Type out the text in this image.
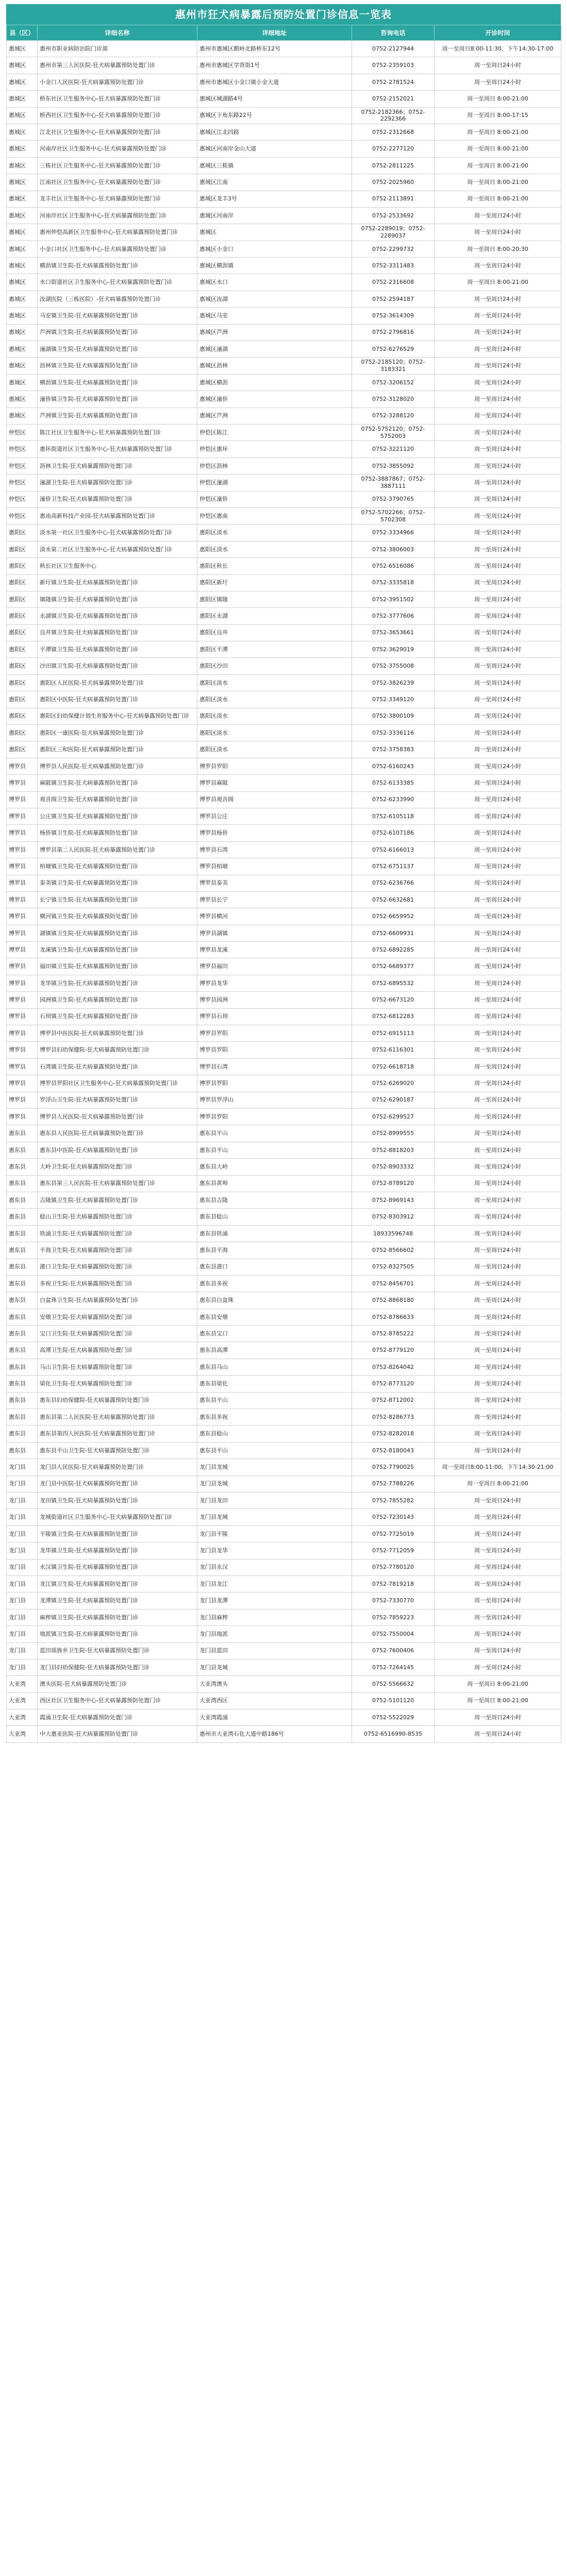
惠州市狂犬病暴露后预防处置门诊信息一览表
县（区）	详细名称	详细地址	咨询电话	开诊时间
惠城区	惠州市职业病防治院门诊部	惠州市惠城区鹅岭北路桥东12号	0752-2127944	周一至周日8:00-11:30，下午14:30-17:00
惠城区	惠州市第三人民医院-狂犬病暴露预防处置门诊	惠州市惠城区学背街1号	0752-2359103	周一至周日24小时
惠城区	小金口人民医院-狂犬病暴露预防处置门诊	惠州市惠城区小金口镇小金大道	0752-2781524	周一至周日24小时
惠城区	桥东社区卫生服务中心-狂犬病暴露预防处置门诊	惠城区城湖路4号	0752-2152021	周一至周日 8:00-21:00
惠城区	桥西社区卫生服务中心-狂犬病暴露预防处置门诊	惠城区下角东路22号	0752-2182366；0752-2292366	周一至周日 8:00-17:15
惠城区	江北社区卫生服务中心-狂犬病暴露预防处置门诊	惠城区江北四路	0752-2312668	周一至周日 8:00-21:00
惠城区	河南岸社区卫生服务中心-狂犬病暴露预防处置门诊	惠城区河南岸金山大道	0752-2277120	周一至周日 8:00-21:00
惠城区	三栋社区卫生服务中心-狂犬病暴露预防处置门诊	惠城区三栋镇	0752-2811225	周一至周日 8:00-21:00
惠城区	江南社区卫生服务中心-狂犬病暴露预防处置门诊	惠城区江南	0752-2025960	周一至周日 8:00-21:00
惠城区	龙丰社区卫生服务中心-狂犬病暴露预防处置门诊	惠城区龙丰3号	0752-2113891	周一至周日 8:00-21:00
惠城区	河南岸社区卫生服务中心-狂犬病暴露预防处置门诊	惠城区河南岸	0752-2533692	周一至周日24小时
惠城区	惠州仲恺高新区卫生服务中心-狂犬病暴露预防处置门诊	惠城区	0752-2289019；0752-2289037	周一至周日24小时
惠城区	小金口社区卫生服务中心-狂犬病暴露预防处置门诊	惠城区小金口	0752-2299732	周一至周日 8:00-20:30
惠城区	横沥镇卫生院-狂犬病暴露预防处置门诊	惠城区横沥镇	0752-3311483	周一至周日24小时
惠城区	水口街道社区卫生服务中心-狂犬病暴露预防处置门诊	惠城区水口	0752-2316608	周一至周日 8:00-21:00
惠城区	汝湖医院（三栋医院）-狂犬病暴露预防处置门诊	惠城区汝湖	0752-2594187	周一至周日24小时
惠城区	马安镇卫生院-狂犬病暴露预防处置门诊	惠城区马安	0752-3614309	周一至周日24小时
惠城区	芦洲镇卫生院-狂犬病暴露预防处置门诊	惠城区芦洲	0752-2796816	周一至周日24小时
惠城区	潼湖镇卫生院-狂犬病暴露预防处置门诊	惠城区潼湖	0752-6276529	周一至周日24小时
惠城区	沥林镇卫生院-狂犬病暴露预防处置门诊	惠城区沥林	0752-2185120；0752-3183321	周一至周日24小时
惠城区	横沥镇卫生院-狂犬病暴露预防处置门诊	惠城区横沥	0752-3206152	周一至周日24小时
惠城区	潼侨镇卫生院-狂犬病暴露预防处置门诊	惠城区潼侨	0752-3128020	周一至周日24小时
惠城区	芦洲镇卫生院-狂犬病暴露预防处置门诊	惠城区芦洲	0752-3288120	周一至周日24小时
仲恺区	陈江社区卫生服务中心-狂犬病暴露预防处置门诊	仲恺区陈江	0752-5752120；0752-5752003	周一至周日24小时
仲恺区	惠环街道社区卫生服务中心-狂犬病暴露预防处置门诊	仲恺区惠环	0752-3221120	周一至周日24小时
仲恺区	沥林卫生院-狂犬病暴露预防处置门诊	仲恺区沥林	0752-3855092	周一至周日24小时
仲恺区	潼湖卫生院-狂犬病暴露预防处置门诊	仲恺区潼湖	0752-3887867；0752-3887111	周一至周日24小时
仲恺区	潼侨卫生院-狂犬病暴露预防处置门诊	仲恺区潼侨	0752-3790765	周一至周日24小时
仲恺区	惠南高新科技产业园-狂犬病暴露预防处置门诊	仲恺区惠南	0752-5702266；0752-5702308	周一至周日24小时
惠阳区	淡水第一社区卫生服务中心-狂犬病暴露预防处置门诊	惠阳区淡水	0752-3334966	周一至周日24小时
惠阳区	淡水第二社区卫生服务中心-狂犬病暴露预防处置门诊	惠阳区淡水	0752-3806003	周一至周日24小时
惠阳区	秋长社区卫生服务中心	惠阳区秋长	0752-6516086	周一至周日24小时
惠阳区	新圩镇卫生院-狂犬病暴露预防处置门诊	惠阳区新圩	0752-3335818	周一至周日24小时
惠阳区	镇隆镇卫生院-狂犬病暴露预防处置门诊	惠阳区镇隆	0752-3951502	周一至周日24小时
惠阳区	永湖镇卫生院-狂犬病暴露预防处置门诊	惠阳区永湖	0752-3777606	周一至周日24小时
惠阳区	良井镇卫生院-狂犬病暴露预防处置门诊	惠阳区良井	0752-3653661	周一至周日24小时
惠阳区	平潭镇卫生院-狂犬病暴露预防处置门诊	惠阳区平潭	0752-3629019	周一至周日24小时
惠阳区	沙田镇卫生院-狂犬病暴露预防处置门诊	惠阳区沙田	0752-3755008	周一至周日24小时
惠阳区	惠阳区人民医院-狂犬病暴露预防处置门诊	惠阳区淡水	0752-3826239	周一至周日24小时
惠阳区	惠阳区中医院-狂犬病暴露预防处置门诊	惠阳区淡水	0752-3349120	周一至周日24小时
惠阳区	惠阳区妇幼保健计划生育服务中心-狂犬病暴露预防处置门诊	惠阳区淡水	0752-3800109	周一至周日24小时
惠阳区	惠阳区一康医院-狂犬病暴露预防处置门诊	惠阳区淡水	0752-3336116	周一至周日24小时
惠阳区	惠阳区三和医院-狂犬病暴露预防处置门诊	惠阳区淡水	0752-3758383	周一至周日24小时
博罗县	博罗县人民医院-狂犬病暴露预防处置门诊	博罗县罗阳	0752-6160243	周一至周日24小时
博罗县	麻陂镇卫生院-狂犬病暴露预防处置门诊	博罗县麻陂	0752-6133385	周一至周日24小时
博罗县	观音阁卫生院-狂犬病暴露预防处置门诊	博罗县观音阁	0752-6233990	周一至周日24小时
博罗县	公庄镇卫生院-狂犬病暴露预防处置门诊	博罗县公庄	0752-6105118	周一至周日24小时
博罗县	杨侨镇卫生院-狂犬病暴露预防处置门诊	博罗县杨侨	0752-6107186	周一至周日24小时
博罗县	博罗县第二人民医院-狂犬病暴露预防处置门诊	博罗县石湾	0752-6166013	周一至周日24小时
博罗县	柏塘镇卫生院-狂犬病暴露预防处置门诊	博罗县柏塘	0752-6751137	周一至周日24小时
博罗县	泰美镇卫生院-狂犬病暴露预防处置门诊	博罗县泰美	0752-6236766	周一至周日24小时
博罗县	长宁镇卫生院-狂犬病暴露预防处置门诊	博罗县长宁	0752-6632681	周一至周日24小时
博罗县	横河镇卫生院-狂犬病暴露预防处置门诊	博罗县横河	0752-6659952	周一至周日24小时
博罗县	湖镇镇卫生院-狂犬病暴露预防处置门诊	博罗县湖镇	0752-6609931	周一至周日24小时
博罗县	龙溪镇卫生院-狂犬病暴露预防处置门诊	博罗县龙溪	0752-6892285	周一至周日24小时
博罗县	福田镇卫生院-狂犬病暴露预防处置门诊	博罗县福田	0752-6689377	周一至周日24小时
博罗县	龙华镇卫生院-狂犬病暴露预防处置门诊	博罗县龙华	0752-6895532	周一至周日24小时
博罗县	园洲镇卫生院-狂犬病暴露预防处置门诊	博罗县园洲	0752-6673120	周一至周日24小时
博罗县	石坝镇卫生院-狂犬病暴露预防处置门诊	博罗县石坝	0752-6812283	周一至周日24小时
博罗县	博罗县中医医院-狂犬病暴露预防处置门诊	博罗县罗阳	0752-6915113	周一至周日24小时
博罗县	博罗县妇幼保健院-狂犬病暴露预防处置门诊	博罗县罗阳	0752-6116301	周一至周日24小时
博罗县	石湾镇卫生院-狂犬病暴露预防处置门诊	博罗县石湾	0752-6618718	周一至周日24小时
博罗县	博罗县罗阳社区卫生服务中心-狂犬病暴露预防处置门诊	博罗县罗阳	0752-6269020	周一至周日24小时
博罗县	罗浮山卫生院-狂犬病暴露预防处置门诊	博罗县罗浮山	0752-6290187	周一至周日24小时
博罗县	博罗县人民医院-狂犬病暴露预防处置门诊	博罗县罗阳	0752-6299527	周一至周日24小时
惠东县	惠东县人民医院-狂犬病暴露预防处置门诊	惠东县平山	0752-8999555	周一至周日24小时
惠东县	惠东县中医院-狂犬病暴露预防处置门诊	惠东县平山	0752-8818203	周一至周日24小时
惠东县	大岭卫生院-狂犬病暴露预防处置门诊	惠东县大岭	0752-8903332	周一至周日24小时
惠东县	惠东县第三人民医院-狂犬病暴露预防处置门诊	惠东县黄埠	0752-8789120	周一至周日24小时
惠东县	吉隆镇卫生院-狂犬病暴露预防处置门诊	惠东县吉隆	0752-8969143	周一至周日24小时
惠东县	稔山卫生院-狂犬病暴露预防处置门诊	惠东县稔山	0752-8303912	周一至周日24小时
惠东县	铁涌卫生院-狂犬病暴露预防处置门诊	惠东县铁涌	18933596748	周一至周日24小时
惠东县	平海卫生院-狂犬病暴露预防处置门诊	惠东县平海	0752-8566602	周一至周日24小时
惠东县	港口卫生院-狂犬病暴露预防处置门诊	惠东县港口	0752-8327505	周一至周日24小时
惠东县	多祝卫生院-狂犬病暴露预防处置门诊	惠东县多祝	0752-8456701	周一至周日24小时
惠东县	白盆珠卫生院-狂犬病暴露预防处置门诊	惠东县白盆珠	0752-8868180	周一至周日24小时
惠东县	安墩卫生院-狂犬病暴露预防处置门诊	惠东县安墩	0752-8786633	周一至周日24小时
惠东县	宝口卫生院-狂犬病暴露预防处置门诊	惠东县宝口	0752-8785222	周一至周日24小时
惠东县	高潭卫生院-狂犬病暴露预防处置门诊	惠东县高潭	0752-8779120	周一至周日24小时
惠东县	马山卫生院-狂犬病暴露预防处置门诊	惠东县马山	0752-8264042	周一至周日24小时
惠东县	梁化卫生院-狂犬病暴露预防处置门诊	惠东县梁化	0752-8773120	周一至周日24小时
惠东县	惠东县妇幼保健院-狂犬病暴露预防处置门诊	惠东县平山	0752-8712002	周一至周日24小时
惠东县	惠东县第二人民医院-狂犬病暴露预防处置门诊	惠东县多祝	0752-8286773	周一至周日24小时
惠东县	惠东县第四人民医院-狂犬病暴露预防处置门诊	惠东县稔山	0752-8282018	周一至周日24小时
惠东县	惠东县平山卫生院-狂犬病暴露预防处置门诊	惠东县平山	0752-8180043	周一至周日24小时
龙门县	龙门县人民医院-狂犬病暴露预防处置门诊	龙门县龙城	0752-7790025	周一至周日8:00-11:00，下午14:30-21:00
龙门县	龙门县中医院-狂犬病暴露预防处置门诊	龙门县龙城	0752-7788226	周一至周日 8:00-21:00
龙门县	龙田镇卫生院-狂犬病暴露预防处置门诊	龙门县龙田	0752-7855282	周一至周日24小时
龙门县	龙城街道社区卫生服务中心-狂犬病暴露预防处置门诊	龙门县龙城	0752-7230143	周一至周日24小时
龙门县	平陵镇卫生院-狂犬病暴露预防处置门诊	龙门县平陵	0752-7725019	周一至周日24小时
龙门县	龙华镇卫生院-狂犬病暴露预防处置门诊	龙门县龙华	0752-7712059	周一至周日24小时
龙门县	永汉镇卫生院-狂犬病暴露预防处置门诊	龙门县永汉	0752-7780120	周一至周日24小时
龙门县	龙江镇卫生院-狂犬病暴露预防处置门诊	龙门县龙江	0752-7819218	周一至周日24小时
龙门县	龙潭镇卫生院-狂犬病暴露预防处置门诊	龙门县龙潭	0752-7330770	周一至周日24小时
龙门县	麻榨镇卫生院-狂犬病暴露预防处置门诊	龙门县麻榨	0752-7859223	周一至周日24小时
龙门县	地派镇卫生院-狂犬病暴露预防处置门诊	龙门县地派	0752-7550004	周一至周日24小时
龙门县	蓝田瑶族乡卫生院-狂犬病暴露预防处置门诊	龙门县蓝田	0752-7600406	周一至周日24小时
龙门县	龙门县妇幼保健院-狂犬病暴露预防处置门诊	龙门县龙城	0752-7264145	周一至周日24小时
大亚湾	澳头医院-狂犬病暴露预防处置门诊	大亚湾澳头	0752-5566632	周一至周日 8:00-21:00
大亚湾	西区社区卫生服务中心-狂犬病暴露预防处置门诊	大亚湾西区	0752-5101120	周一至周日 8:00-21:00
大亚湾	霞涌卫生院-狂犬病暴露预防处置门诊	大亚湾霞涌	0752-5522029	周一至周日24小时
大亚湾	中大惠亚医院-狂犬病暴露预防处置门诊	惠州市大亚湾石化大道中路186号	0752-6516990-8535	周一至周日24小时
